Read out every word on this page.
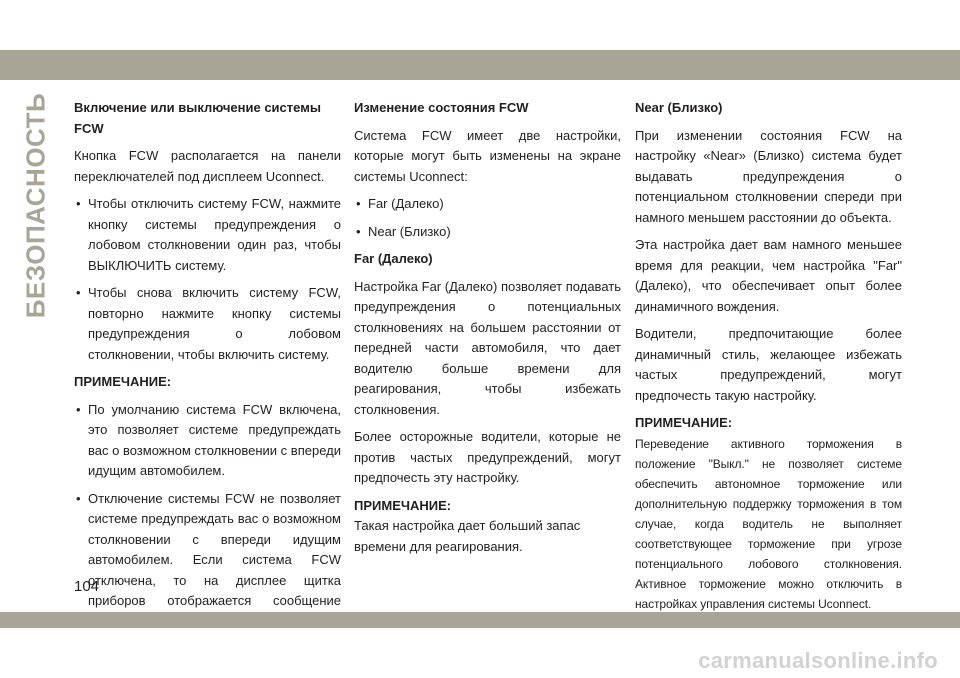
БЕЗОПАСНОСТЬ Включение или выключение системы FCW

Кнопка FCW располагается на панели переключателей под дисплеем Uconnect.

• Чтобы отключить систему FCW, нажмите кнопку системы предупреждения о лобовом столкновении один раз, чтобы ВЫКЛЮЧИТЬ систему.
• Чтобы снова включить систему FCW, повторно нажмите кнопку системы предупреждения о лобовом столкновении, чтобы включить систему.
ПРИМЕЧАНИЕ:
• По умолчанию система FCW включена, это позволяет системе предупреждать вас о возможном столкновении с впереди идущим автомобилем.
• Отключение системы FCW не позволяет системе предупреждать вас о возможном столкновении с впереди идущим автомобилем. Если система FCW отключена, то на дисплее щитка приборов отображается сообщение
Изменение состояния FCW

Система FCW имеет две настройки, которые могут быть изменены на экране системы Uconnect:

• Far (Далеко)
• Near (Близко)
Far (Далеко)

Настройка Far (Далеко) позволяет подавать предупреждения о потенциальных столкновениях на большем расстоянии от передней части автомобиля, что дает водителю больше времени для реагирования, чтобы избежать столкновения.

Более осторожные водители, которые не против частых предупреждений, могут предпочесть эту настройку.

ПРИМЕЧАНИЕ:

Такая настройка дает больший запас времени для реагирования.

Near (Близко)

При изменении состояния FCW на настройку «Near» (Близко) система будет выдавать предупреждения о потенциальном столкновении спереди при намного меньшем расстоянии до объекта.

Эта настройка дает вам намного меньшее время для реакции, чем настройка "Far" (Далеко), что обеспечивает опыт более динамичного вождения.

Водители, предпочитающие более динамичный стиль, желающее избежать частых предупреждений, могут предпочесть такую настройку.

ПРИМЕЧАНИЕ:

Переведение активного торможения в положение "Выкл." не позволяет системе обеспечить автономное торможение или дополнительную поддержку торможения в том случае, когда водитель не выполняет соответствующее торможение при угрозе потенциального лобового столкновения. Активное торможение можно отключить в настройках управления системы Uconnect.

104
carmanualsonline.info
